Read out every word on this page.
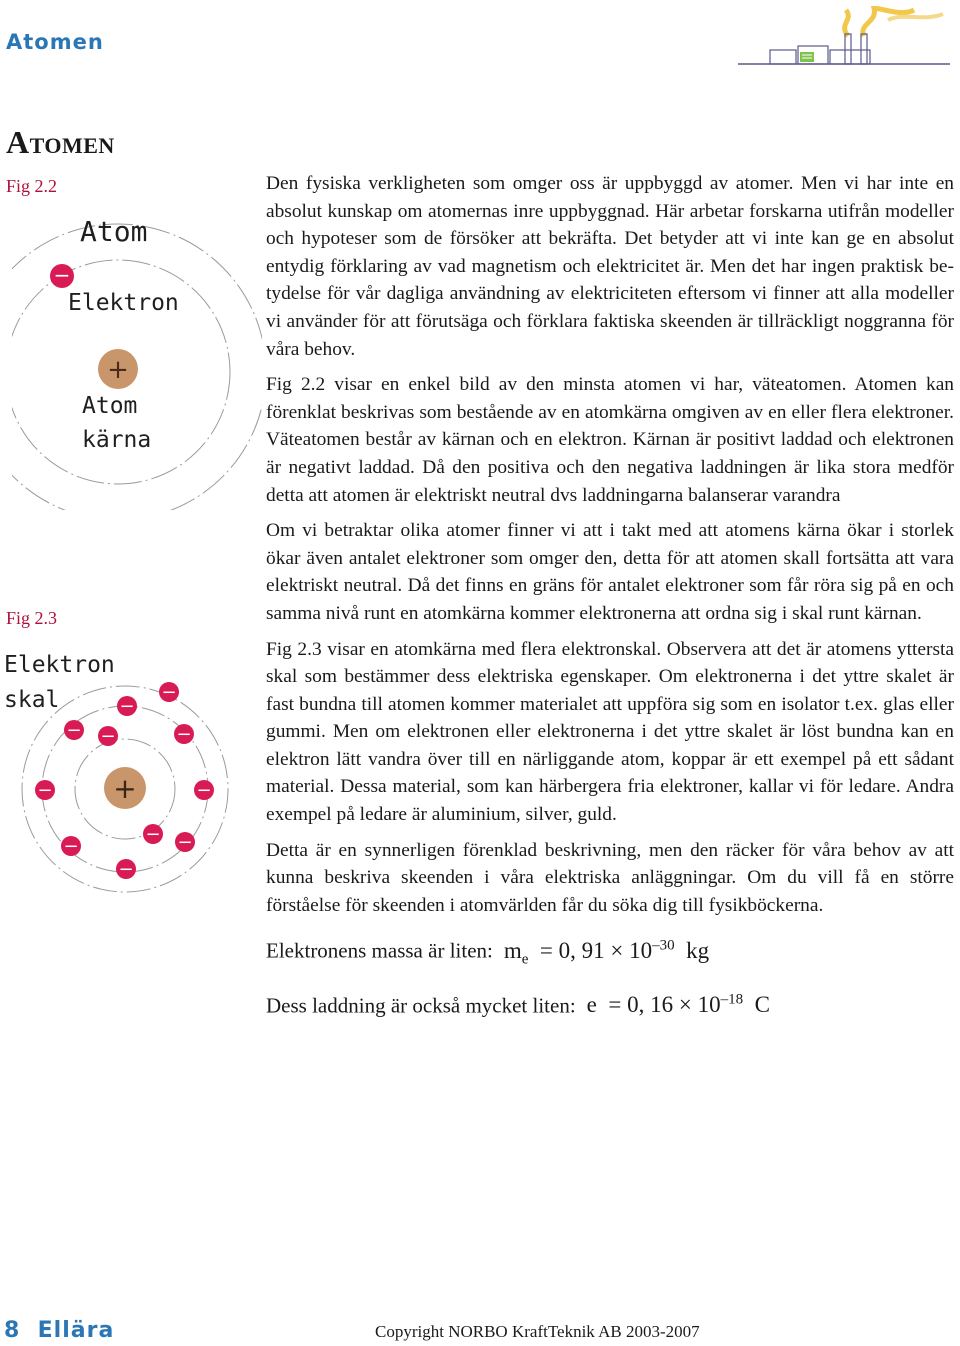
Atomen
Atomen
Fig 2.2
−
+
Atom
Elektron
Atom
kärna
Fig 2.3
Elektron
skal
+
−
−
− −	−
−	−
− −
−
−

Den fysiska verkligheten som omger oss är uppbyggd av atomer. Men vi har inte en absolut kunskap om atomernas inre uppbyggnad. Här arbetar forskarna utifrån modeller och hypoteser som de försöker att bekräfta. Det betyder att vi inte kan ge en absolut entydig förklaring av vad magnetism och elektricitet är. Men det har ingen praktisk betydelse för vår dagliga användning av elektriciteten eftersom vi finner att alla modeller vi använder för att förutsäga och förklara faktiska skeenden är tillräckligt noggranna för våra behov.

Fig 2.2 visar en enkel bild av den minsta atomen vi har, väteatomen. Atomen kan förenklat beskrivas som bestående av en atomkärna omgiven av en eller flera elektroner. Väteatomen består av kärnan och en elektron. Kärnan är positivt laddad och elektronen är negativt laddad. Då den positiva och den negativa laddningen är lika stora medför detta att atomen är elektriskt neutral dvs laddningarna balanserar varandra

Om vi betraktar olika atomer finner vi att i takt med att atomens kärna ökar i storlek ökar även antalet elektroner som omger den, detta för att atomen skall fortsätta att vara elektriskt neutral. Då det finns en gräns för antalet elektroner som får röra sig på en och samma nivå runt en atomkärna kommer elektronerna att ordna sig i skal runt kärnan.

Fig 2.3 visar en atomkärna med flera elektronskal. Observera att det är atomens yttersta skal som bestämmer dess elektriska egenskaper. Om elektronerna i det yttre skalet är fast bundna till atomen kommer materialet att uppföra sig som en isolator t.ex. glas eller gummi. Men om elektronen eller elektronerna i det yttre skalet är löst bundna kan en elektron lätt vandra över till en närliggande atom, koppar är ett exempel på ett sådant material. Dessa material, som kan härbergera fria elektroner, kallar vi för ledare. Andra exempel på ledare är aluminium, silver, guld.

Detta är en synnerligen förenklad beskrivning, men den räcker för våra behov av att kunna beskriva skeenden i våra elektriska anläggningar. Om du vill få en större förståelse för skeenden i atomvärlden får du söka dig till fysikböckerna.

Elektronens massa är liten: $m_e = 0$, $91 \times 10^{-30}$ kg
Dess laddning är också mycket liten: e = 0, $16 \times 10^{-18}$ C
8 Ellära	Copyright NORBO KraftTeknik AB 2003-2007
